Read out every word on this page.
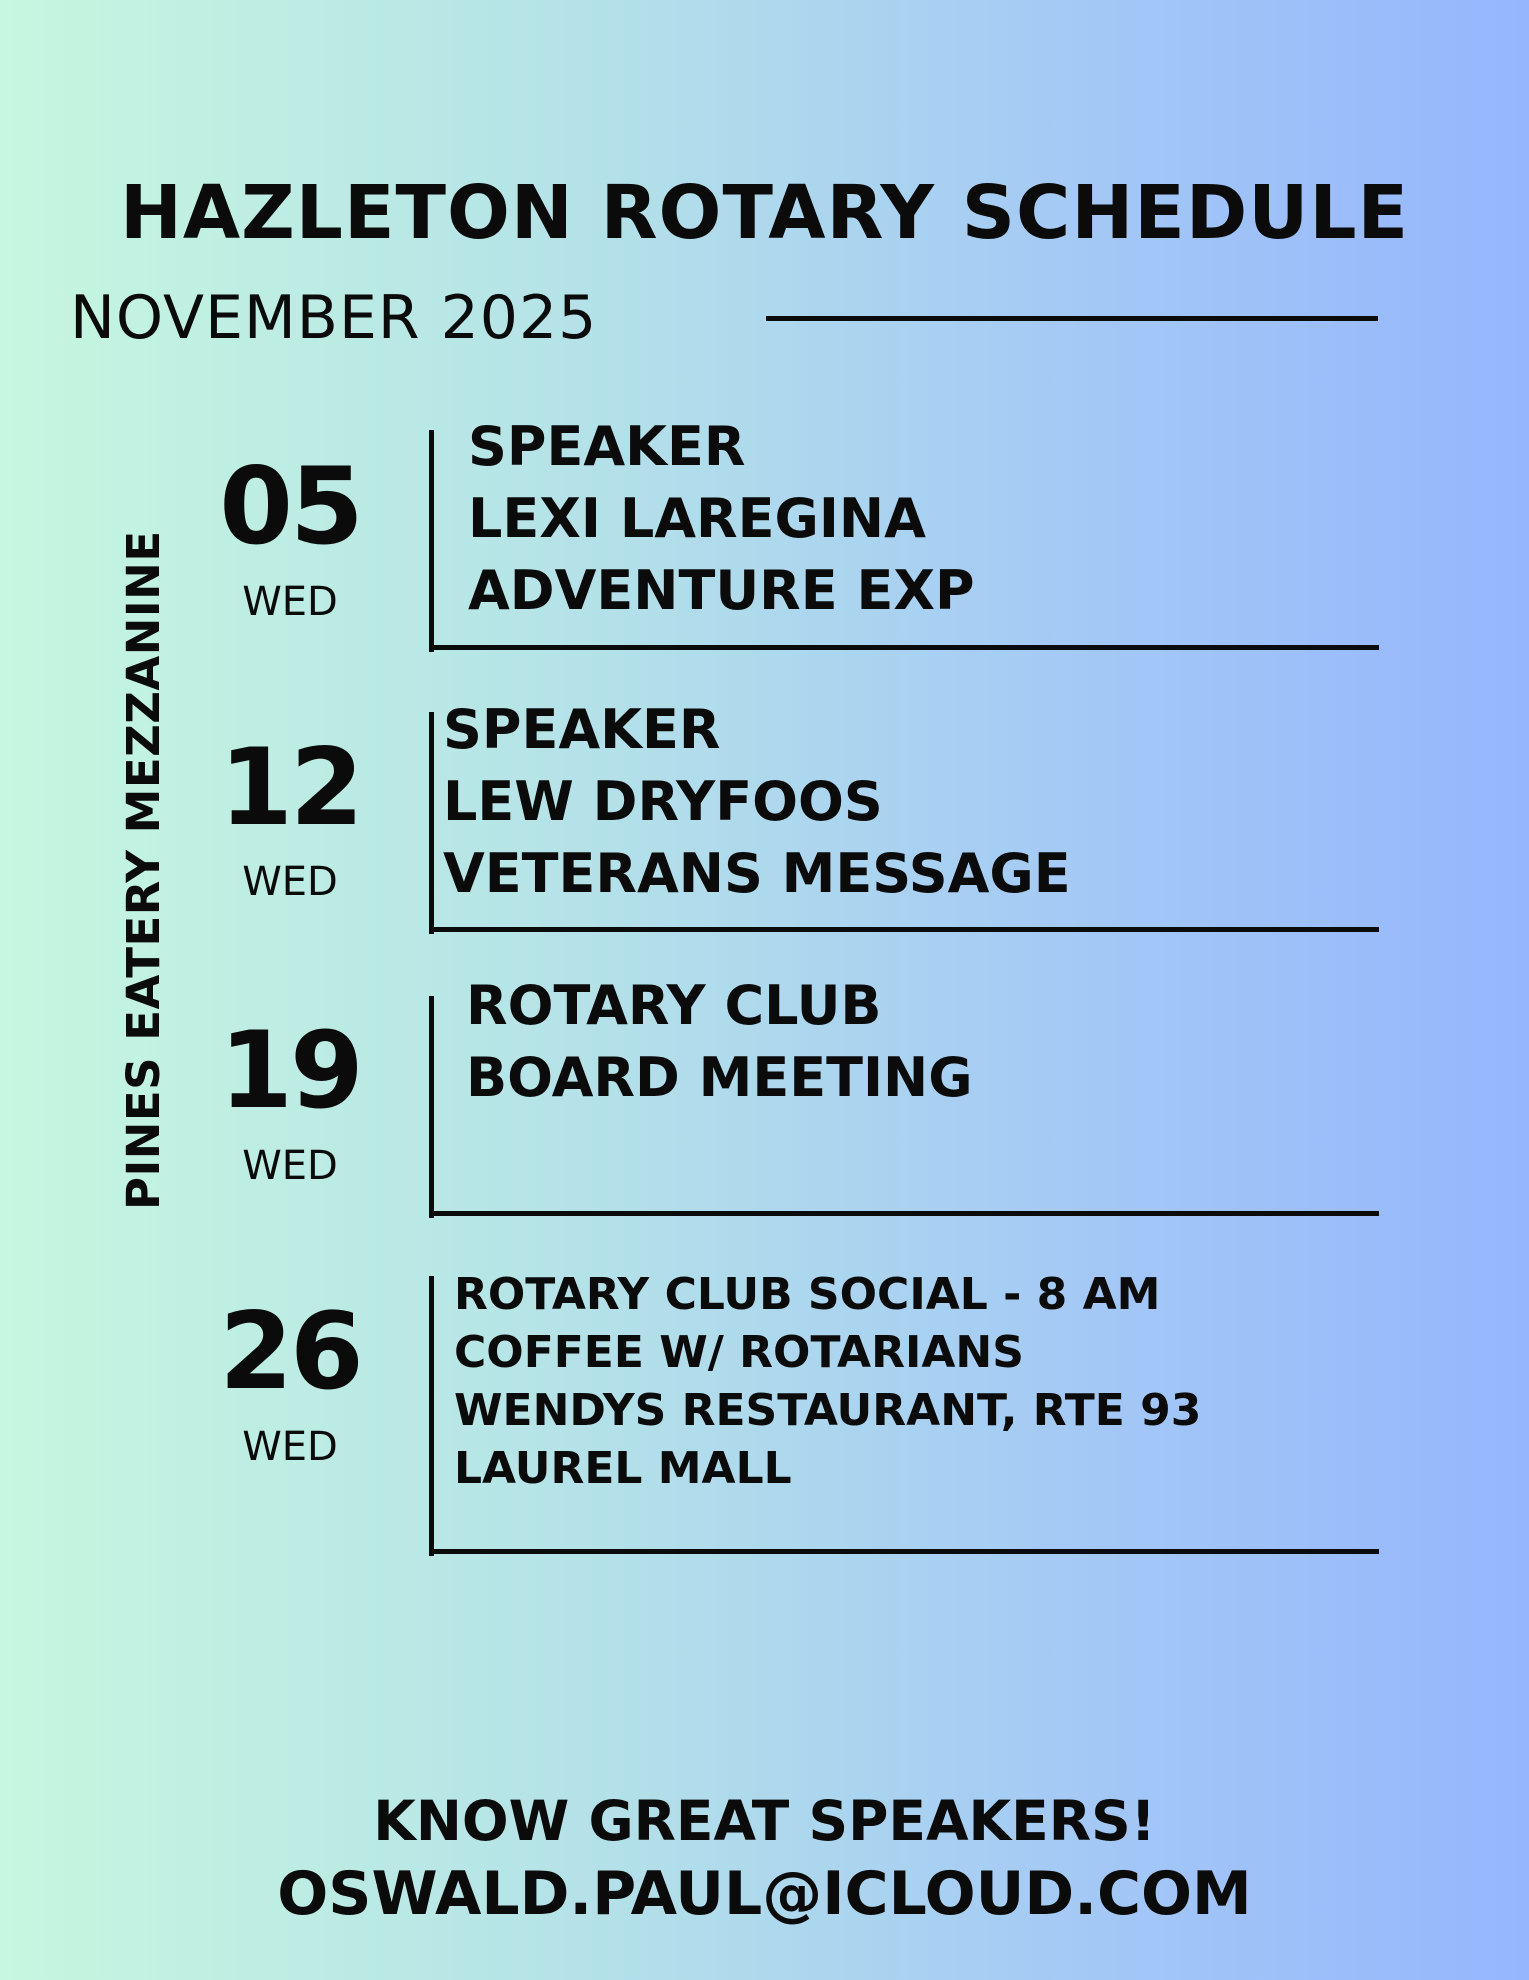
HAZLETON ROTARY SCHEDULE
NOVEMBER 2025
PINES EATERY MEZZANINE
05
WED
SPEAKER
LEXI LAREGINA
ADVENTURE EXP
12
WED
SPEAKER
LEW DRYFOOS
VETERANS MESSAGE
19
WED
ROTARY CLUB
BOARD MEETING
26
WED
ROTARY CLUB SOCIAL - 8 AM
COFFEE W/ ROTARIANS
WENDYS RESTAURANT, RTE 93
LAUREL MALL
KNOW GREAT SPEAKERS!
OSWALD.PAUL@ICLOUD.COM
